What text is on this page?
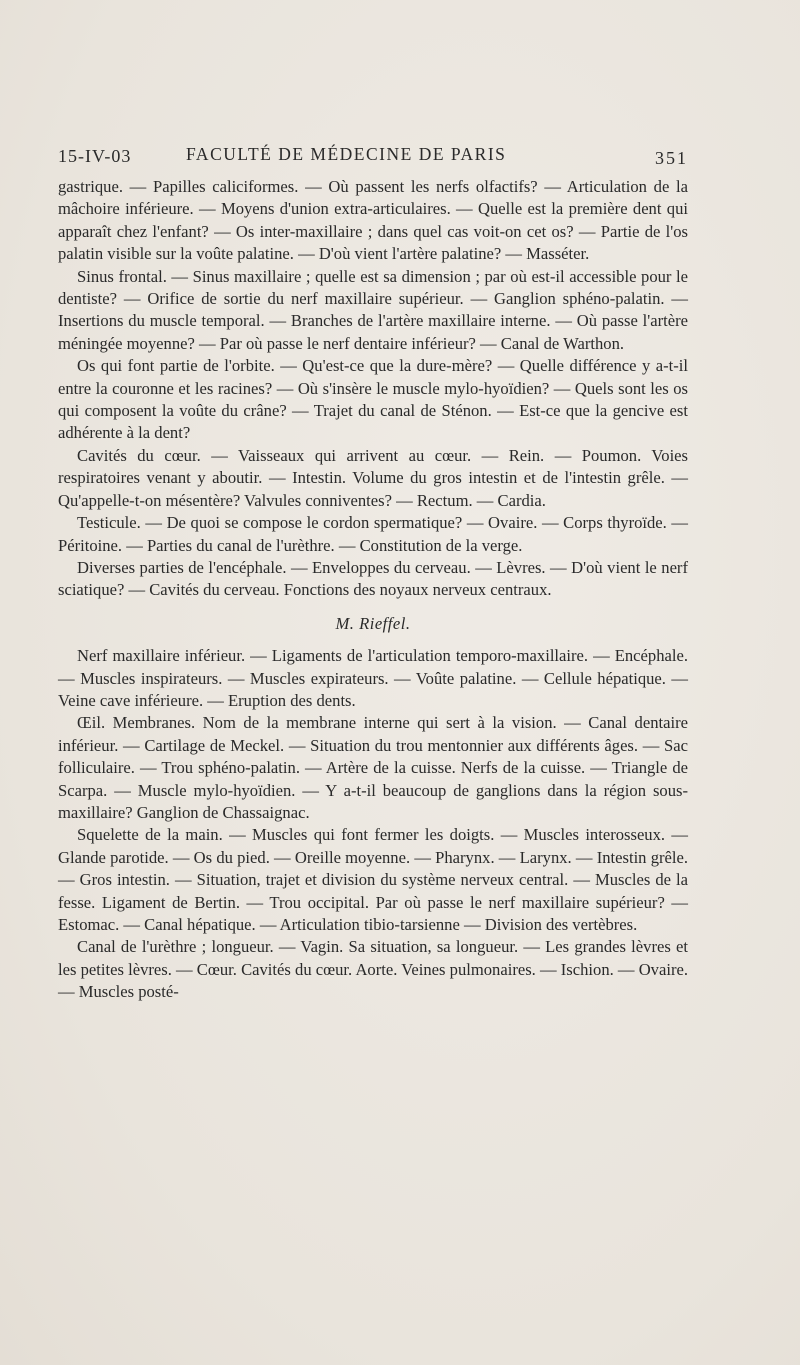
15-IV-03	FACULTÉ DE MÉDECINE DE PARIS	351

gastrique. — Papilles caliciformes. — Où passent les nerfs olfactifs? — Articulation de la mâchoire inférieure. — Moyens d'union extra-articulaires. — Quelle est la première dent qui apparaît chez l'enfant? — Os inter-maxillaire ; dans quel cas voit-on cet os? — Partie de l'os palatin visible sur la voûte palatine. — D'où vient l'artère palatine? — Masséter.

Sinus frontal. — Sinus maxillaire ; quelle est sa dimension ; par où est-il accessible pour le dentiste? — Orifice de sortie du nerf maxillaire supérieur. — Ganglion sphéno-palatin. — Insertions du muscle temporal. — Branches de l'artère maxillaire interne. — Où passe l'artère méningée moyenne? — Par où passe le nerf dentaire inférieur? — Canal de Warthon.

Os qui font partie de l'orbite. — Qu'est-ce que la dure-mère? — Quelle différence y a-t-il entre la couronne et les racines? — Où s'insère le muscle mylo-hyoïdien? — Quels sont les os qui composent la voûte du crâne? — Trajet du canal de Sténon. — Est-ce que la gencive est adhérente à la dent?

Cavités du cœur. — Vaisseaux qui arrivent au cœur. — Rein. — Poumon. Voies respiratoires venant y aboutir. — Intestin. Volume du gros intestin et de l'intestin grêle. — Qu'appelle-t-on mésentère? Valvules conniventes? — Rectum. — Cardia.

Testicule. — De quoi se compose le cordon spermatique? — Ovaire. — Corps thyroïde. — Péritoine. — Parties du canal de l'urèthre. — Constitution de la verge.

Diverses parties de l'encéphale. — Enveloppes du cerveau. — Lèvres. — D'où vient le nerf sciatique? — Cavités du cerveau. Fonctions des noyaux nerveux centraux.

M. Rieffel.

Nerf maxillaire inférieur. — Ligaments de l'articulation temporo-maxillaire. — Encéphale. — Muscles inspirateurs. — Muscles expirateurs. — Voûte palatine. — Cellule hépatique. — Veine cave inférieure. — Eruption des dents.

Œil. Membranes. Nom de la membrane interne qui sert à la vision. — Canal dentaire inférieur. — Cartilage de Meckel. — Situation du trou mentonnier aux différents âges. — Sac folliculaire. — Trou sphéno-palatin. — Artère de la cuisse. Nerfs de la cuisse. — Triangle de Scarpa. — Muscle mylo-hyoïdien. — Y a-t-il beaucoup de ganglions dans la région sous-maxillaire? Ganglion de Chassaignac.

Squelette de la main. — Muscles qui font fermer les doigts. — Muscles interosseux. — Glande parotide. — Os du pied. — Oreille moyenne. — Pharynx. — Larynx. — Intestin grêle. — Gros intestin. — Situation, trajet et division du système nerveux central. — Muscles de la fesse. Ligament de Bertin. — Trou occipital. Par où passe le nerf maxillaire supérieur? — Estomac. — Canal hépatique. — Articulation tibio-tarsienne — Division des vertèbres.

Canal de l'urèthre ; longueur. — Vagin. Sa situation, sa longueur. — Les grandes lèvres et les petites lèvres. — Cœur. Cavités du cœur. Aorte. Veines pulmonaires. — Ischion. — Ovaire. — Muscles posté-
